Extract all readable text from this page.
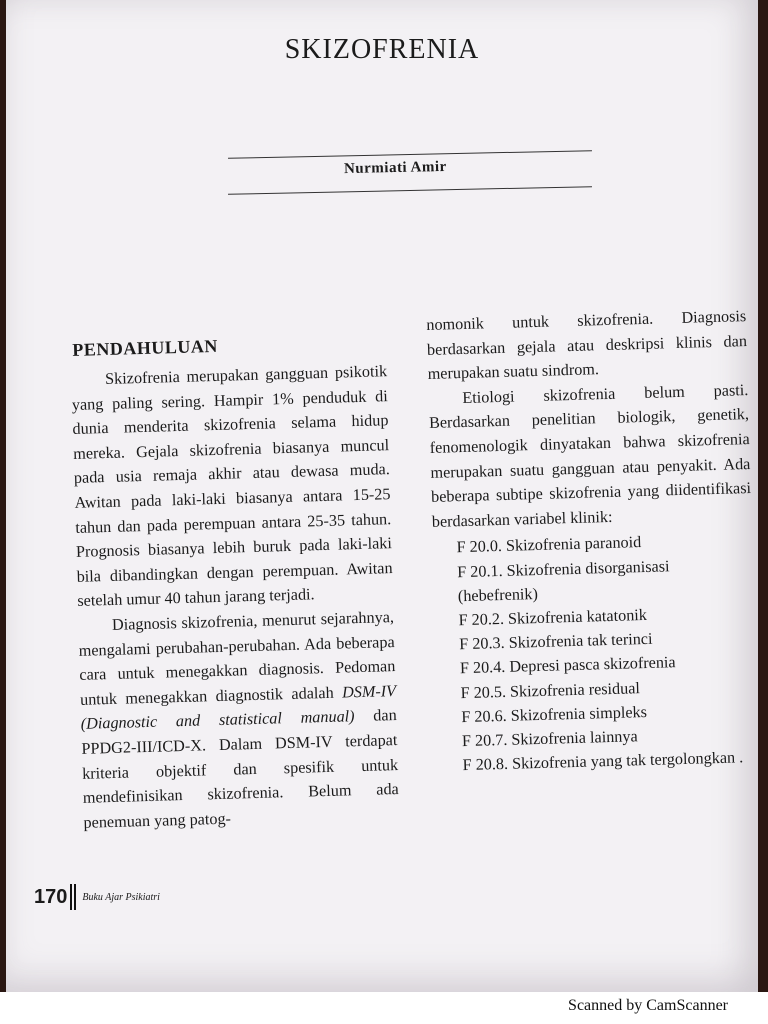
SKIZOFRENIA
Nurmiati Amir
PENDAHULUAN

Skizofrenia merupakan gangguan psikotik yang paling sering. Hampir 1% penduduk di dunia menderita skizofrenia selama hidup mereka. Gejala skizofrenia biasanya muncul pada usia remaja akhir atau dewasa muda. Awitan pada laki-laki biasanya antara 15-25 tahun dan pada perempuan antara 25-35 tahun. Prognosis biasanya lebih buruk pada laki-laki bila dibandingkan dengan perempuan. Awitan setelah umur 40 tahun jarang terjadi.

Diagnosis skizofrenia, menurut sejarahnya, mengalami perubahan-perubahan. Ada beberapa cara untuk menegakkan diagnosis. Pedoman untuk menegakkan diagnostik adalah DSM-IV (Diagnostic and statistical manual) dan PPDG2-III/ICD-X. Dalam DSM-IV terdapat kriteria objektif dan spesifik untuk mendefinisikan skizofrenia. Belum ada penemuan yang patog-

nomonik untuk skizofrenia. Diagnosis berdasarkan gejala atau deskripsi klinis dan merupakan suatu sindrom.

Etiologi skizofrenia belum pasti. Berdasarkan penelitian biologik, genetik, fenomenologik dinyatakan bahwa skizofrenia merupakan suatu gangguan atau penyakit. Ada beberapa subtipe skizofrenia yang diidentifikasi berdasarkan variabel klinik:

F 20.0. Skizofrenia paranoid
F 20.1. Skizofrenia disorganisasi (hebefrenik)
F 20.2. Skizofrenia katatonik
F 20.3. Skizofrenia tak terinci
F 20.4. Depresi pasca skizofrenia
F 20.5. Skizofrenia residual
F 20.6. Skizofrenia simpleks
F 20.7. Skizofrenia lainnya
F 20.8. Skizofrenia yang tak tergolongkan .
170 Buku Ajar Psikiatri
Scanned by CamScanner
